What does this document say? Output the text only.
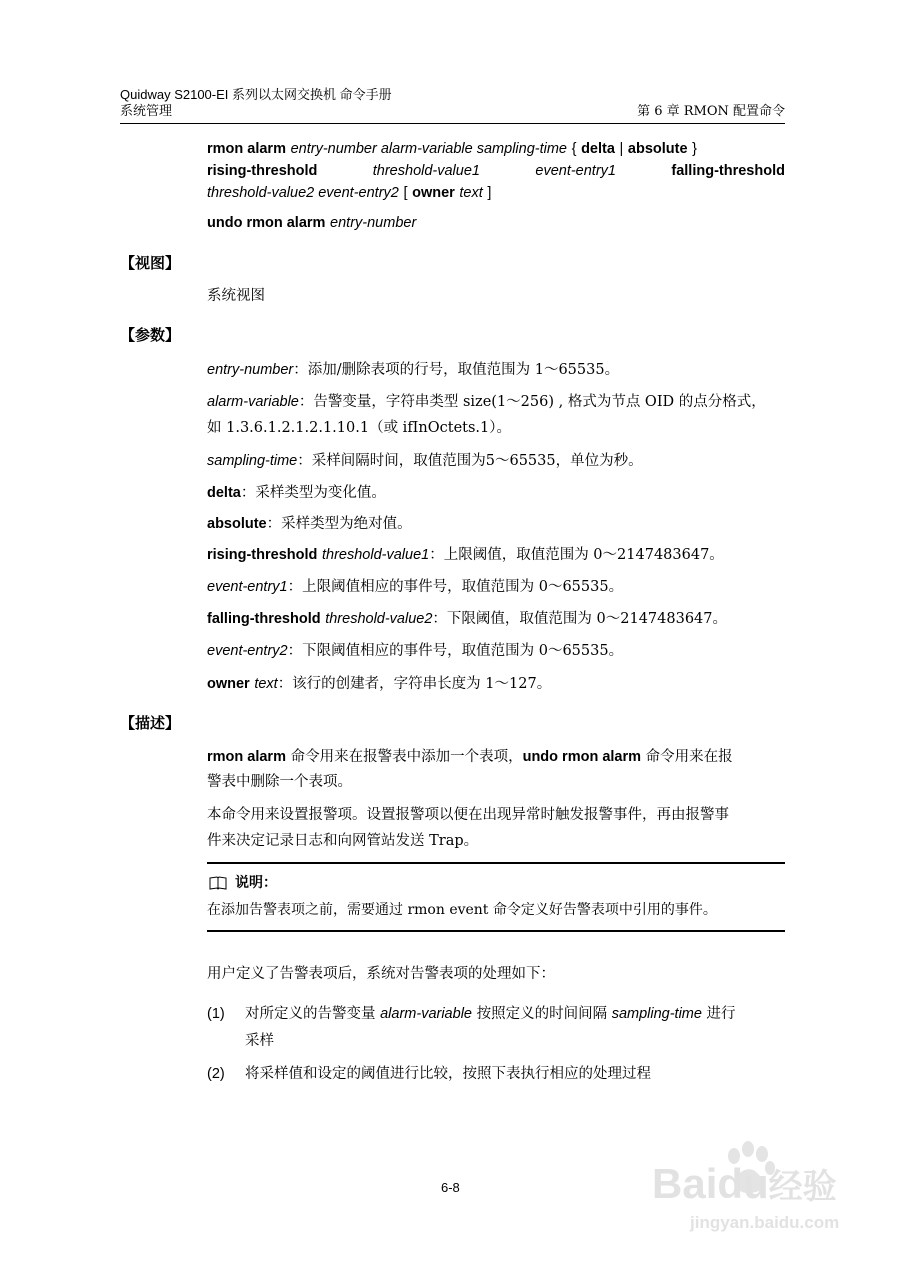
Quidway S2100-EI 系列以太网交换机 命令手册
系统管理	第 6 章 RMON 配置命令
rmon alarm entry-number alarm-variable sampling-time { delta | absolute }
rising-threshold	threshold-value1	event-entry1	falling-threshold
threshold-value2 event-entry2 [ owner text ]
undo rmon alarm entry-number
【视图】
系统视图
【参数】
entry-number：添加/删除表项的行号，取值范围为 1～65535。
alarm-variable：告警变量，字符串类型 size(1～256) , 格式为节点 OID 的点分格式，
如 1.3.6.1.2.1.2.1.10.1（或 ifInOctets.1）。
sampling-time：采样间隔时间，取值范围为5～65535，单位为秒。
delta：采样类型为变化值。
absolute：采样类型为绝对值。
rising-threshold threshold-value1：上限阈值，取值范围为 0～2147483647。
event-entry1：上限阈值相应的事件号，取值范围为 0～65535。
falling-threshold threshold-value2：下限阈值，取值范围为 0～2147483647。
event-entry2：下限阈值相应的事件号，取值范围为 0～65535。
owner text：该行的创建者，字符串长度为 1～127。
【描述】
rmon alarm 命令用来在报警表中添加一个表项，undo rmon alarm 命令用来在报
警表中删除一个表项。
本命令用来设置报警项。设置报警项以便在出现异常时触发报警事件，再由报警事
件来决定记录日志和向网管站发送 Trap。
说明：
在添加告警表项之前，需要通过 rmon event 命令定义好告警表项中引用的事件。
用户定义了告警表项后，系统对告警表项的处理如下：
(1) 对所定义的告警变量 alarm-variable 按照定义的时间间隔 sampling-time 进行
采样
(2) 将采样值和设定的阈值进行比较，按照下表执行相应的处理过程
6-8	Baidu经验
jingyan.baidu.com
